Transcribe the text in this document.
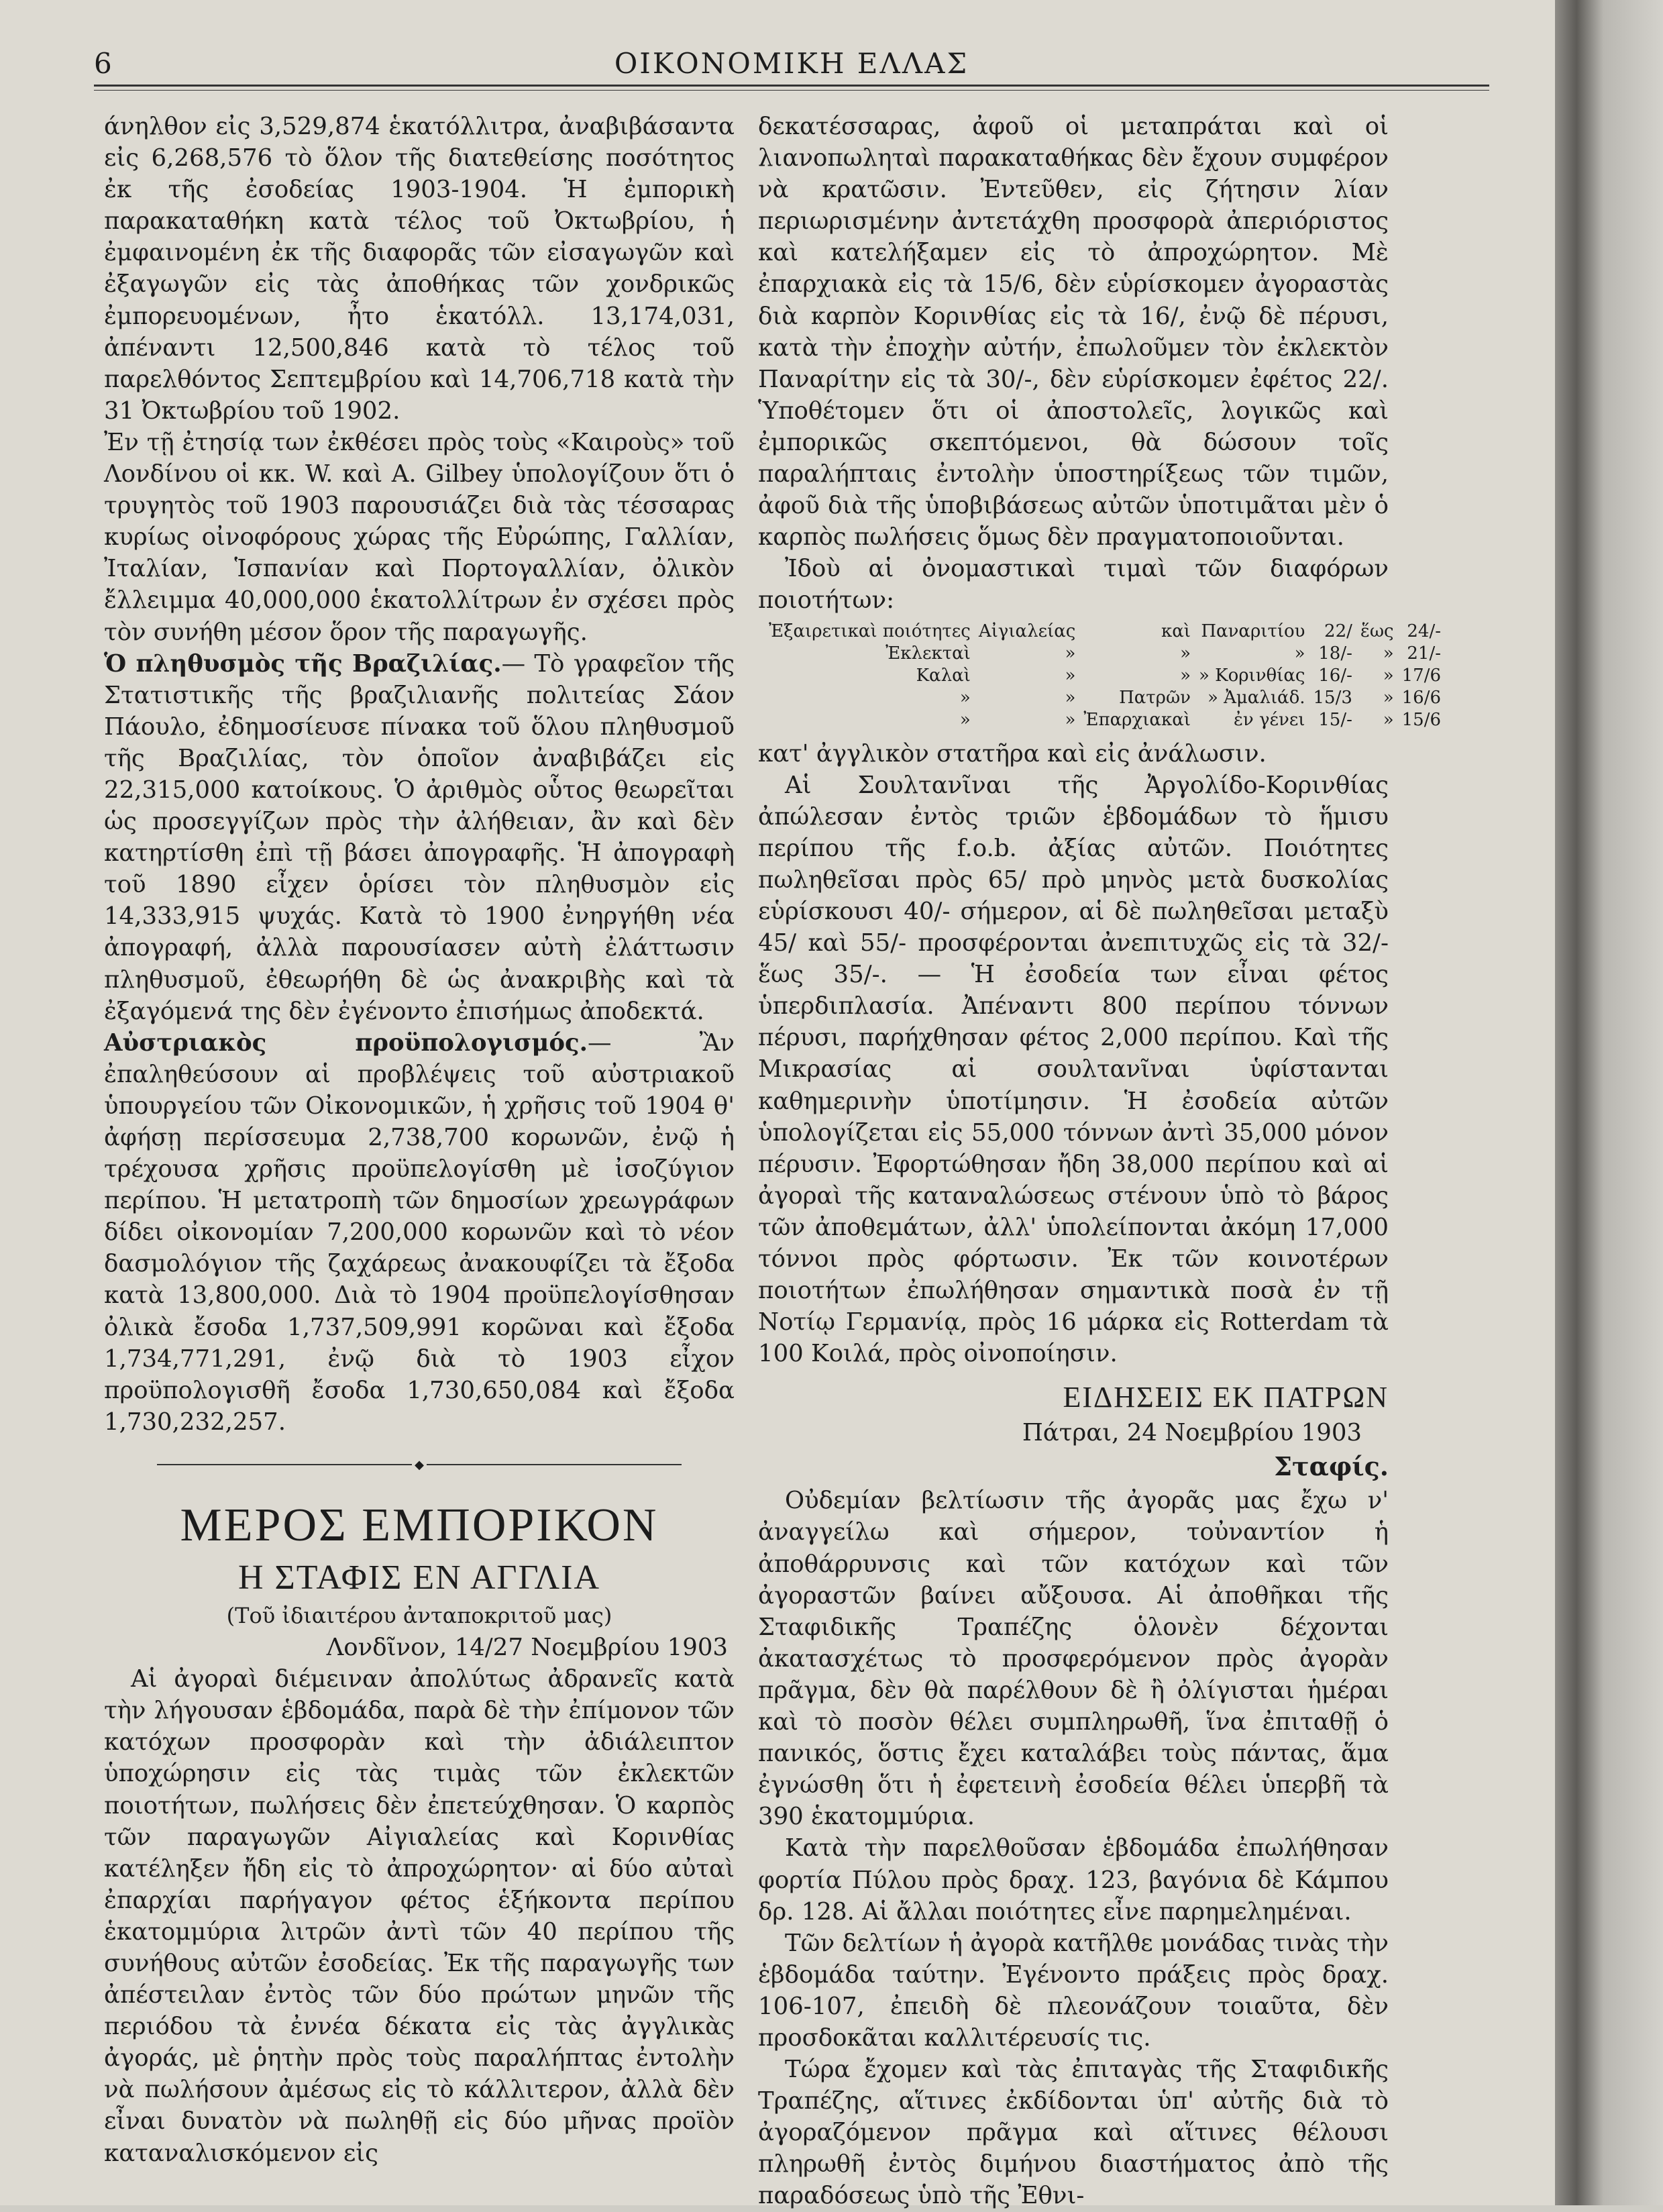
6	ΟΙΚΟΝΟΜΙΚΗ ΕΛΛΑΣ

άνηλθον εἰς 3,529,874 ἑκατόλλιτρα, ἀναβιβάσαντα εἰς 6,268,576 τὸ ὅλον τῆς διατεθείσης ποσότητος ἐκ τῆς ἐσοδείας 1903-1904. Ἡ ἐμπορικὴ παρακαταθήκη κατὰ τέλος τοῦ Ὀκτωβρίου, ἡ ἐμφαινομένη ἐκ τῆς διαφορᾶς τῶν εἰσαγωγῶν καὶ ἐξαγωγῶν εἰς τὰς ἀποθήκας τῶν χονδρικῶς ἐμπορευομένων, ἦτο ἑκατόλλ. 13,174,031, ἀπέναντι 12,500,846 κατὰ τὸ τέλος τοῦ παρελθόντος Σεπτεμβρίου καὶ 14,706,718 κατὰ τὴν 31 Ὀκτωβρίου τοῦ 1902.

Ἐν τῇ ἐτησίᾳ των ἐκθέσει πρὸς τοὺς «Καιροὺς» τοῦ Λονδίνου οἱ κκ. W. καὶ A. Gilbey ὑπολογίζουν ὅτι ὁ τρυγητὸς τοῦ 1903 παρουσιάζει διὰ τὰς τέσσαρας κυρίως οἰνοφόρους χώρας τῆς Εὐρώπης, Γαλλίαν, Ἰταλίαν, Ἱσπανίαν καὶ Πορτογαλλίαν, ὀλικὸν ἔλλειμμα 40,000,000 ἑκατολλίτρων ἐν σχέσει πρὸς τὸν συνήθη μέσον ὅρον τῆς παραγωγῆς.

Ὁ πληθυσμὸς τῆς Βραζιλίας.— Τὸ γραφεῖον τῆς Στατιστικῆς τῆς βραζιλιανῆς πολιτείας Σάον Πάουλο, ἐδημοσίευσε πίνακα τοῦ ὅλου πληθυσμοῦ τῆς Βραζιλίας, τὸν ὁποῖον ἀναβιβάζει εἰς 22,315,000 κατοίκους. Ὁ ἀριθμὸς οὗτος θεωρεῖται ὡς προσεγγίζων πρὸς τὴν ἀλήθειαν, ἂν καὶ δὲν κατηρτίσθη ἐπὶ τῇ βάσει ἀπογραφῆς. Ἡ ἀπογραφὴ τοῦ 1890 εἶχεν ὁρίσει τὸν πληθυσμὸν εἰς 14,333,915 ψυχάς. Κατὰ τὸ 1900 ἐνηργήθη νέα ἀπογραφή, ἀλλὰ παρουσίασεν αὐτὴ ἐλάττωσιν πληθυσμοῦ, ἐθεωρήθη δὲ ὡς ἀνακριβὴς καὶ τὰ ἐξαγόμενά της δὲν ἐγένοντο ἐπισήμως ἀποδεκτά.

Αὐστριακὸς προϋπολογισμός.— Ἂν ἐπαληθεύσουν αἱ προβλέψεις τοῦ αὐστριακοῦ ὑπουργείου τῶν Οἰκονομικῶν, ἡ χρῆσις τοῦ 1904 θ' ἀφήσῃ περίσσευμα 2,738,700 κορωνῶν, ἐνῷ ἡ τρέχουσα χρῆσις προϋπελογίσθη μὲ ἰσοζύγιον περίπου. Ἡ μετατροπὴ τῶν δημοσίων χρεωγράφων δίδει οἰκονομίαν 7,200,000 κορωνῶν καὶ τὸ νέον δασμολόγιον τῆς ζαχάρεως ἀνακουφίζει τὰ ἔξοδα κατὰ 13,800,000. Διὰ τὸ 1904 προϋπελογίσθησαν ὀλικὰ ἔσοδα 1,737,509,991 κορῶναι καὶ ἔξοδα 1,734,771,291, ἐνῷ διὰ τὸ 1903 εἶχον προϋπολογισθῆ ἔσοδα 1,730,650,084 καὶ ἔξοδα 1,730,232,257.

◆
ΜΕΡΟΣ ΕΜΠΟΡΙΚΟΝ
Η ΣΤΑΦΙΣ ΕΝ ΑΓΓΛΙΑ

(Τοῦ ἰδιαιτέρου ἀνταποκριτοῦ μας)

Λονδῖνον, 14/27 Νοεμβρίου 1903

Αἱ ἀγοραὶ διέμειναν ἀπολύτως ἀδρανεῖς κατὰ τὴν λήγουσαν ἑβδομάδα, παρὰ δὲ τὴν ἐπίμονον τῶν κατόχων προσφορὰν καὶ τὴν ἀδιάλειπτον ὑποχώρησιν εἰς τὰς τιμὰς τῶν ἐκλεκτῶν ποιοτήτων, πωλήσεις δὲν ἐπετεύχθησαν. Ὁ καρπὸς τῶν παραγωγῶν Αἰγιαλείας καὶ Κορινθίας κατέληξεν ἤδη εἰς τὸ ἀπροχώρητον· αἱ δύο αὐταὶ ἐπαρχίαι παρήγαγον φέτος ἑξήκοντα περίπου ἑκατομμύρια λιτρῶν ἀντὶ τῶν 40 περίπου τῆς συνήθους αὐτῶν ἐσοδείας. Ἐκ τῆς παραγωγῆς των ἀπέστειλαν ἐντὸς τῶν δύο πρώτων μηνῶν τῆς περιόδου τὰ ἐννέα δέκατα εἰς τὰς ἀγγλικὰς ἀγοράς, μὲ ῥητὴν πρὸς τοὺς παραλήπτας ἐντολὴν νὰ πωλήσουν ἀμέσως εἰς τὸ κάλλιτερον, ἀλλὰ δὲν εἶναι δυνατὸν νὰ πωληθῇ εἰς δύο μῆνας προϊὸν καταναλισκόμενον εἰς

δεκατέσσαρας, ἀφοῦ οἱ μεταπράται καὶ οἱ λιανοπωληταὶ παρακαταθήκας δὲν ἔχουν συμφέρον νὰ κρατῶσιν. Ἐντεῦθεν, εἰς ζήτησιν λίαν περιωρισμένην ἀντετάχθη προσφορὰ ἀπεριόριστος καὶ κατελήξαμεν εἰς τὸ ἀπροχώρητον. Μὲ ἐπαρχιακὰ εἰς τὰ 15/6, δὲν εὑρίσκομεν ἀγοραστὰς διὰ καρπὸν Κορινθίας εἰς τὰ 16/, ἐνῷ δὲ πέρυσι, κατὰ τὴν ἐποχὴν αὐτήν, ἐπωλοῦμεν τὸν ἐκλεκτὸν Παναρίτην εἰς τὰ 30/-, δὲν εὑρίσκομεν ἐφέτος 22/. Ὑποθέτομεν ὅτι οἱ ἀποστολεῖς, λογικῶς καὶ ἐμπορικῶς σκεπτόμενοι, θὰ δώσουν τοῖς παραλήπταις ἐντολὴν ὑποστηρίξεως τῶν τιμῶν, ἀφοῦ διὰ τῆς ὑποβιβάσεως αὐτῶν ὑποτιμᾶται μὲν ὁ καρπὸς πωλήσεις ὅμως δὲν πραγματοποιοῦνται.

Ἰδοὺ αἱ ὀνομαστικαὶ τιμαὶ τῶν διαφόρων ποιοτήτων:

Ἐξαιρετικαὶ ποιότητες	Αἰγιαλείας	καὶ	Παναριτίου	22/	ἕως	24/-
Ἐκλεκταὶ	»	»	»	18/-	»	21/-
Καλαὶ	»	»	» Κορινθίας	16/-	»	17/6
»	»	Πατρῶν	» Ἀμαλιάδ.	15/3	»	16/6
»	»	Ἐπαρχιακαὶ	ἐν γένει	15/-	»	15/6

κατ' ἀγγλικὸν στατῆρα καὶ εἰς ἀνάλωσιν.

Αἱ Σουλτανῖναι τῆς Ἀργολίδο-Κορινθίας ἀπώλεσαν ἐντὸς τριῶν ἑβδομάδων τὸ ἥμισυ περίπου τῆς f.o.b. ἀξίας αὐτῶν. Ποιότητες πωληθεῖσαι πρὸς 65/ πρὸ μηνὸς μετὰ δυσκολίας εὑρίσκουσι 40/- σήμερον, αἱ δὲ πωληθεῖσαι μεταξὺ 45/ καὶ 55/- προσφέρονται ἀνεπιτυχῶς εἰς τὰ 32/- ἕως 35/-. — Ἡ ἐσοδεία των εἶναι φέτος ὑπερδιπλασία. Ἀπέναντι 800 περίπου τόννων πέρυσι, παρήχθησαν φέτος 2,000 περίπου. Καὶ τῆς Μικρασίας αἱ σουλτανῖναι ὑφίστανται καθημερινὴν ὑποτίμησιν. Ἡ ἐσοδεία αὐτῶν ὑπολογίζεται εἰς 55,000 τόννων ἀντὶ 35,000 μόνον πέρυσιν. Ἐφορτώθησαν ἤδη 38,000 περίπου καὶ αἱ ἀγοραὶ τῆς καταναλώσεως στένουν ὑπὸ τὸ βάρος τῶν ἀποθεμάτων, ἀλλ' ὑπολείπονται ἀκόμη 17,000 τόννοι πρὸς φόρτωσιν. Ἐκ τῶν κοινοτέρων ποιοτήτων ἐπωλήθησαν σημαντικὰ ποσὰ ἐν τῇ Νοτίῳ Γερμανίᾳ, πρὸς 16 μάρκα εἰς Rotterdam τὰ 100 Κοιλά, πρὸς οἰνοποίησιν.

ΕΙΔΗΣΕΙΣ ΕΚ ΠΑΤΡΩΝ
Πάτραι, 24 Νοεμβρίου 1903
Σταφίς.

Οὐδεμίαν βελτίωσιν τῆς ἀγορᾶς μας ἔχω ν' ἀναγγείλω καὶ σήμερον, τοὐναντίον ἡ ἀποθάρρυνσις καὶ τῶν κατόχων καὶ τῶν ἀγοραστῶν βαίνει αὔξουσα. Αἱ ἀποθῆκαι τῆς Σταφιδικῆς Τραπέζης ὁλονὲν δέχονται ἀκατασχέτως τὸ προσφερόμενον πρὸς ἀγορὰν πρᾶγμα, δὲν θὰ παρέλθουν δὲ ἢ ὀλίγισται ἡμέραι καὶ τὸ ποσὸν θέλει συμπληρωθῆ, ἵνα ἐπιταθῇ ὁ πανικός, ὅστις ἔχει καταλάβει τοὺς πάντας, ἅμα ἐγνώσθη ὅτι ἡ ἐφετεινὴ ἐσοδεία θέλει ὑπερβῆ τὰ 390 ἑκατομμύρια.

Κατὰ τὴν παρελθοῦσαν ἑβδομάδα ἐπωλήθησαν φορτία Πύλου πρὸς δραχ. 123, βαγόνια δὲ Κάμπου δρ. 128. Αἱ ἄλλαι ποιότητες εἶνε παρημελημέναι.

Τῶν δελτίων ἡ ἀγορὰ κατῆλθε μονάδας τινὰς τὴν ἑβδομάδα ταύτην. Ἐγένοντο πράξεις πρὸς δραχ. 106-107, ἐπειδὴ δὲ πλεονάζουν τοιαῦτα, δὲν προσδοκᾶται καλλιτέρευσίς τις.

Τώρα ἔχομεν καὶ τὰς ἐπιταγὰς τῆς Σταφιδικῆς Τραπέζης, αἵτινες ἐκδίδονται ὑπ' αὐτῆς διὰ τὸ ἀγοραζόμενον πρᾶγμα καὶ αἵτινες θέλουσι πληρωθῆ ἐντὸς διμήνου διαστήματος ἀπὸ τῆς παραδόσεως ὑπὸ τῆς Ἐθνι-
